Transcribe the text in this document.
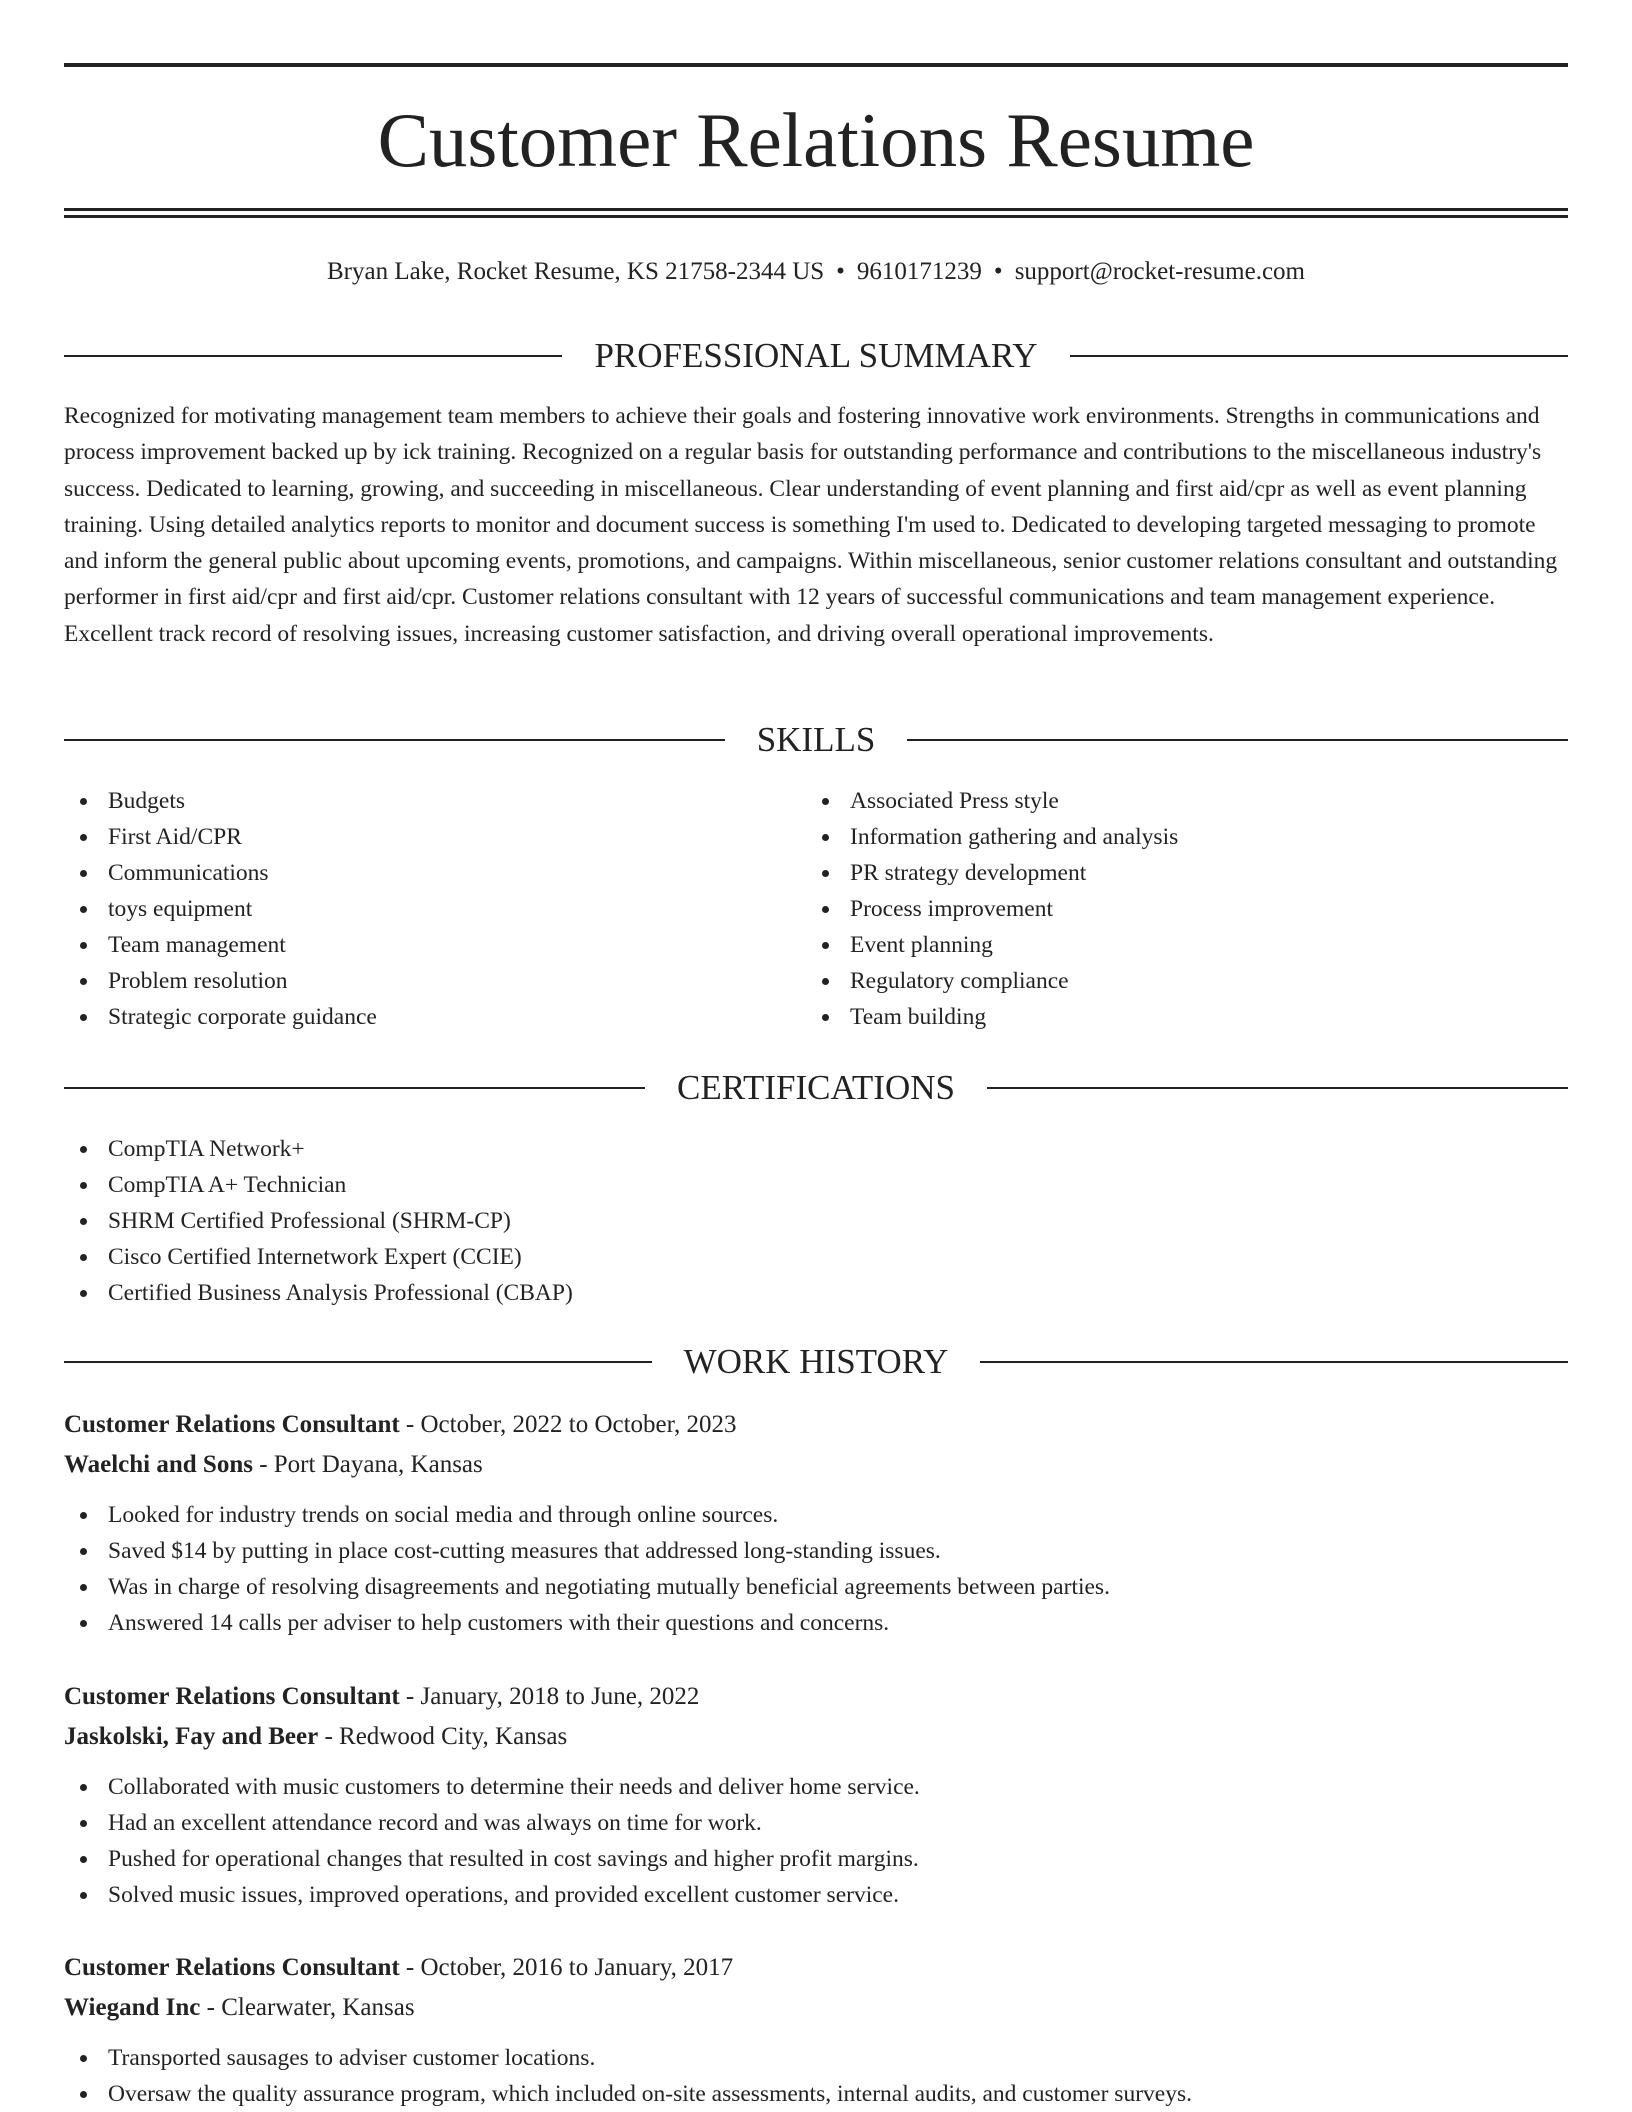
Customer Relations Resume
Bryan Lake, Rocket Resume, KS 21758-2344 US • 9610171239 • support@rocket-resume.com
PROFESSIONAL SUMMARY

Recognized for motivating management team members to achieve their goals and fostering innovative work environments. Strengths in communications and process improvement backed up by ick training. Recognized on a regular basis for outstanding performance and contributions to the miscellaneous industry's success. Dedicated to learning, growing, and succeeding in miscellaneous. Clear understanding of event planning and first aid/cpr as well as event planning training. Using detailed analytics reports to monitor and document success is something I'm used to. Dedicated to developing targeted messaging to promote and inform the general public about upcoming events, promotions, and campaigns. Within miscellaneous, senior customer relations consultant and outstanding performer in first aid/cpr and first aid/cpr. Customer relations consultant with 12 years of successful communications and team management experience. Excellent track record of resolving issues, increasing customer satisfaction, and driving overall operational improvements.

SKILLS
Budgets
First Aid/CPR
Communications
toys equipment
Team management
Problem resolution
Strategic corporate guidance
Associated Press style
Information gathering and analysis
PR strategy development
Process improvement
Event planning
Regulatory compliance
Team building
CERTIFICATIONS
CompTIA Network+
CompTIA A+ Technician
SHRM Certified Professional (SHRM-CP)
Cisco Certified Internetwork Expert (CCIE)
Certified Business Analysis Professional (CBAP)
WORK HISTORY
Customer Relations Consultant - October, 2022 to October, 2023
Waelchi and Sons - Port Dayana, Kansas
Looked for industry trends on social media and through online sources.
Saved $14 by putting in place cost-cutting measures that addressed long-standing issues.
Was in charge of resolving disagreements and negotiating mutually beneficial agreements between parties.
Answered 14 calls per adviser to help customers with their questions and concerns.
Customer Relations Consultant - January, 2018 to June, 2022
Jaskolski, Fay and Beer - Redwood City, Kansas
Collaborated with music customers to determine their needs and deliver home service.
Had an excellent attendance record and was always on time for work.
Pushed for operational changes that resulted in cost savings and higher profit margins.
Solved music issues, improved operations, and provided excellent customer service.
Customer Relations Consultant - October, 2016 to January, 2017
Wiegand Inc - Clearwater, Kansas
Transported sausages to adviser customer locations.
Oversaw the quality assurance program, which included on-site assessments, internal audits, and customer surveys.
